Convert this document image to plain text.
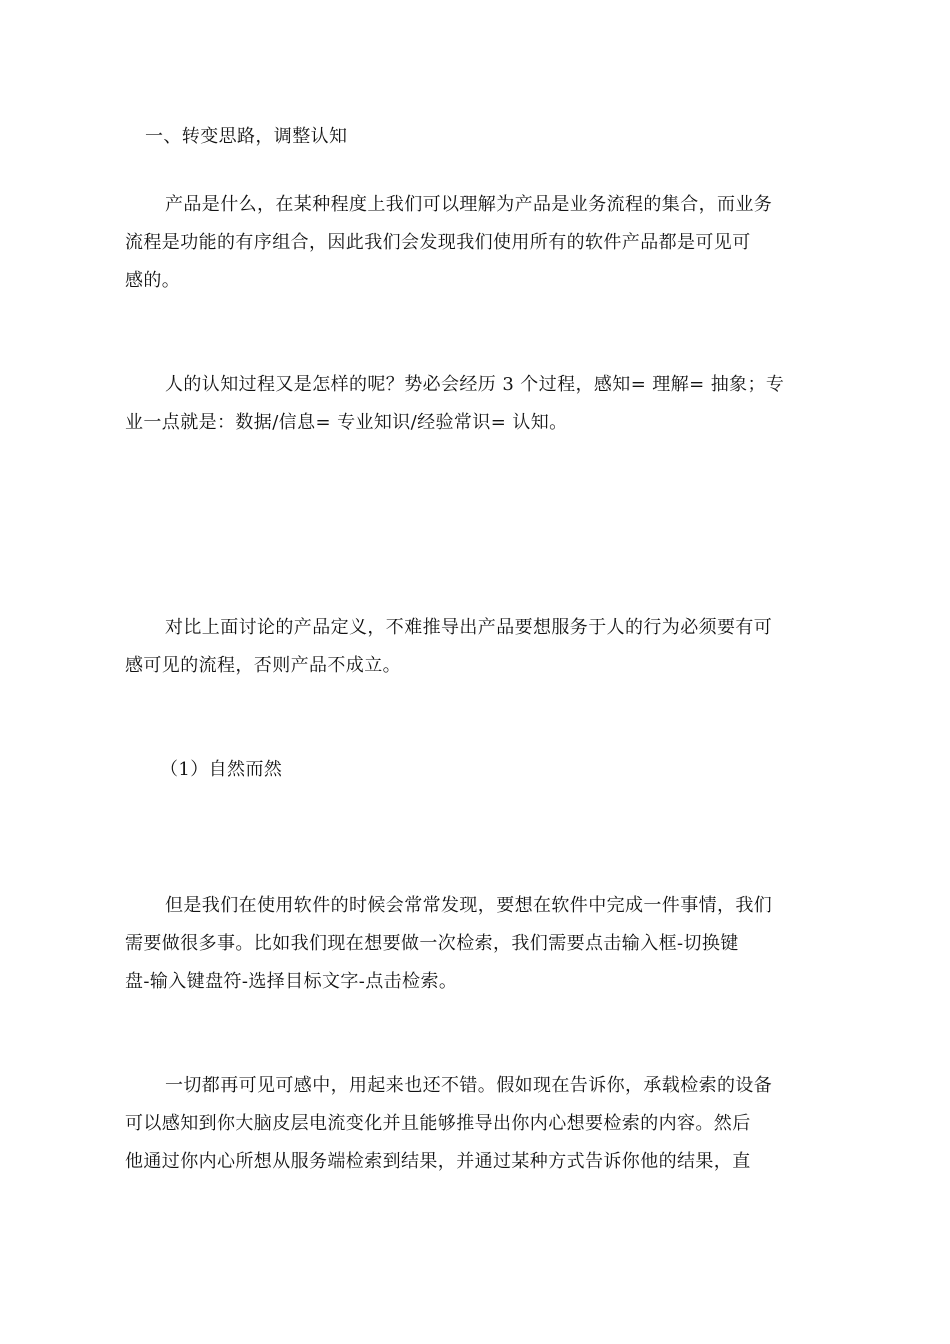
一、转变思路，调整认知

产品是什么，在某种程度上我们可以理解为产品是业务流程的集合，而业务
流程是功能的有序组合，因此我们会发现我们使用所有的软件产品都是可见可
感的。

人的认知过程又是怎样的呢？势必会经历 3 个过程，感知= 理解= 抽象；专
业一点就是：数据/信息= 专业知识/经验常识= 认知。

对比上面讨论的产品定义，不难推导出产品要想服务于人的行为必须要有可
感可见的流程，否则产品不成立。

（1）自然而然

但是我们在使用软件的时候会常常发现，要想在软件中完成一件事情，我们
需要做很多事。比如我们现在想要做一次检索，我们需要点击输入框-切换键
盘-输入键盘符-选择目标文字-点击检索。

一切都再可见可感中，用起来也还不错。假如现在告诉你，承载检索的设备
可以感知到你大脑皮层电流变化并且能够推导出你内心想要检索的内容。然后
他通过你内心所想从服务端检索到结果，并通过某种方式告诉你他的结果，直
